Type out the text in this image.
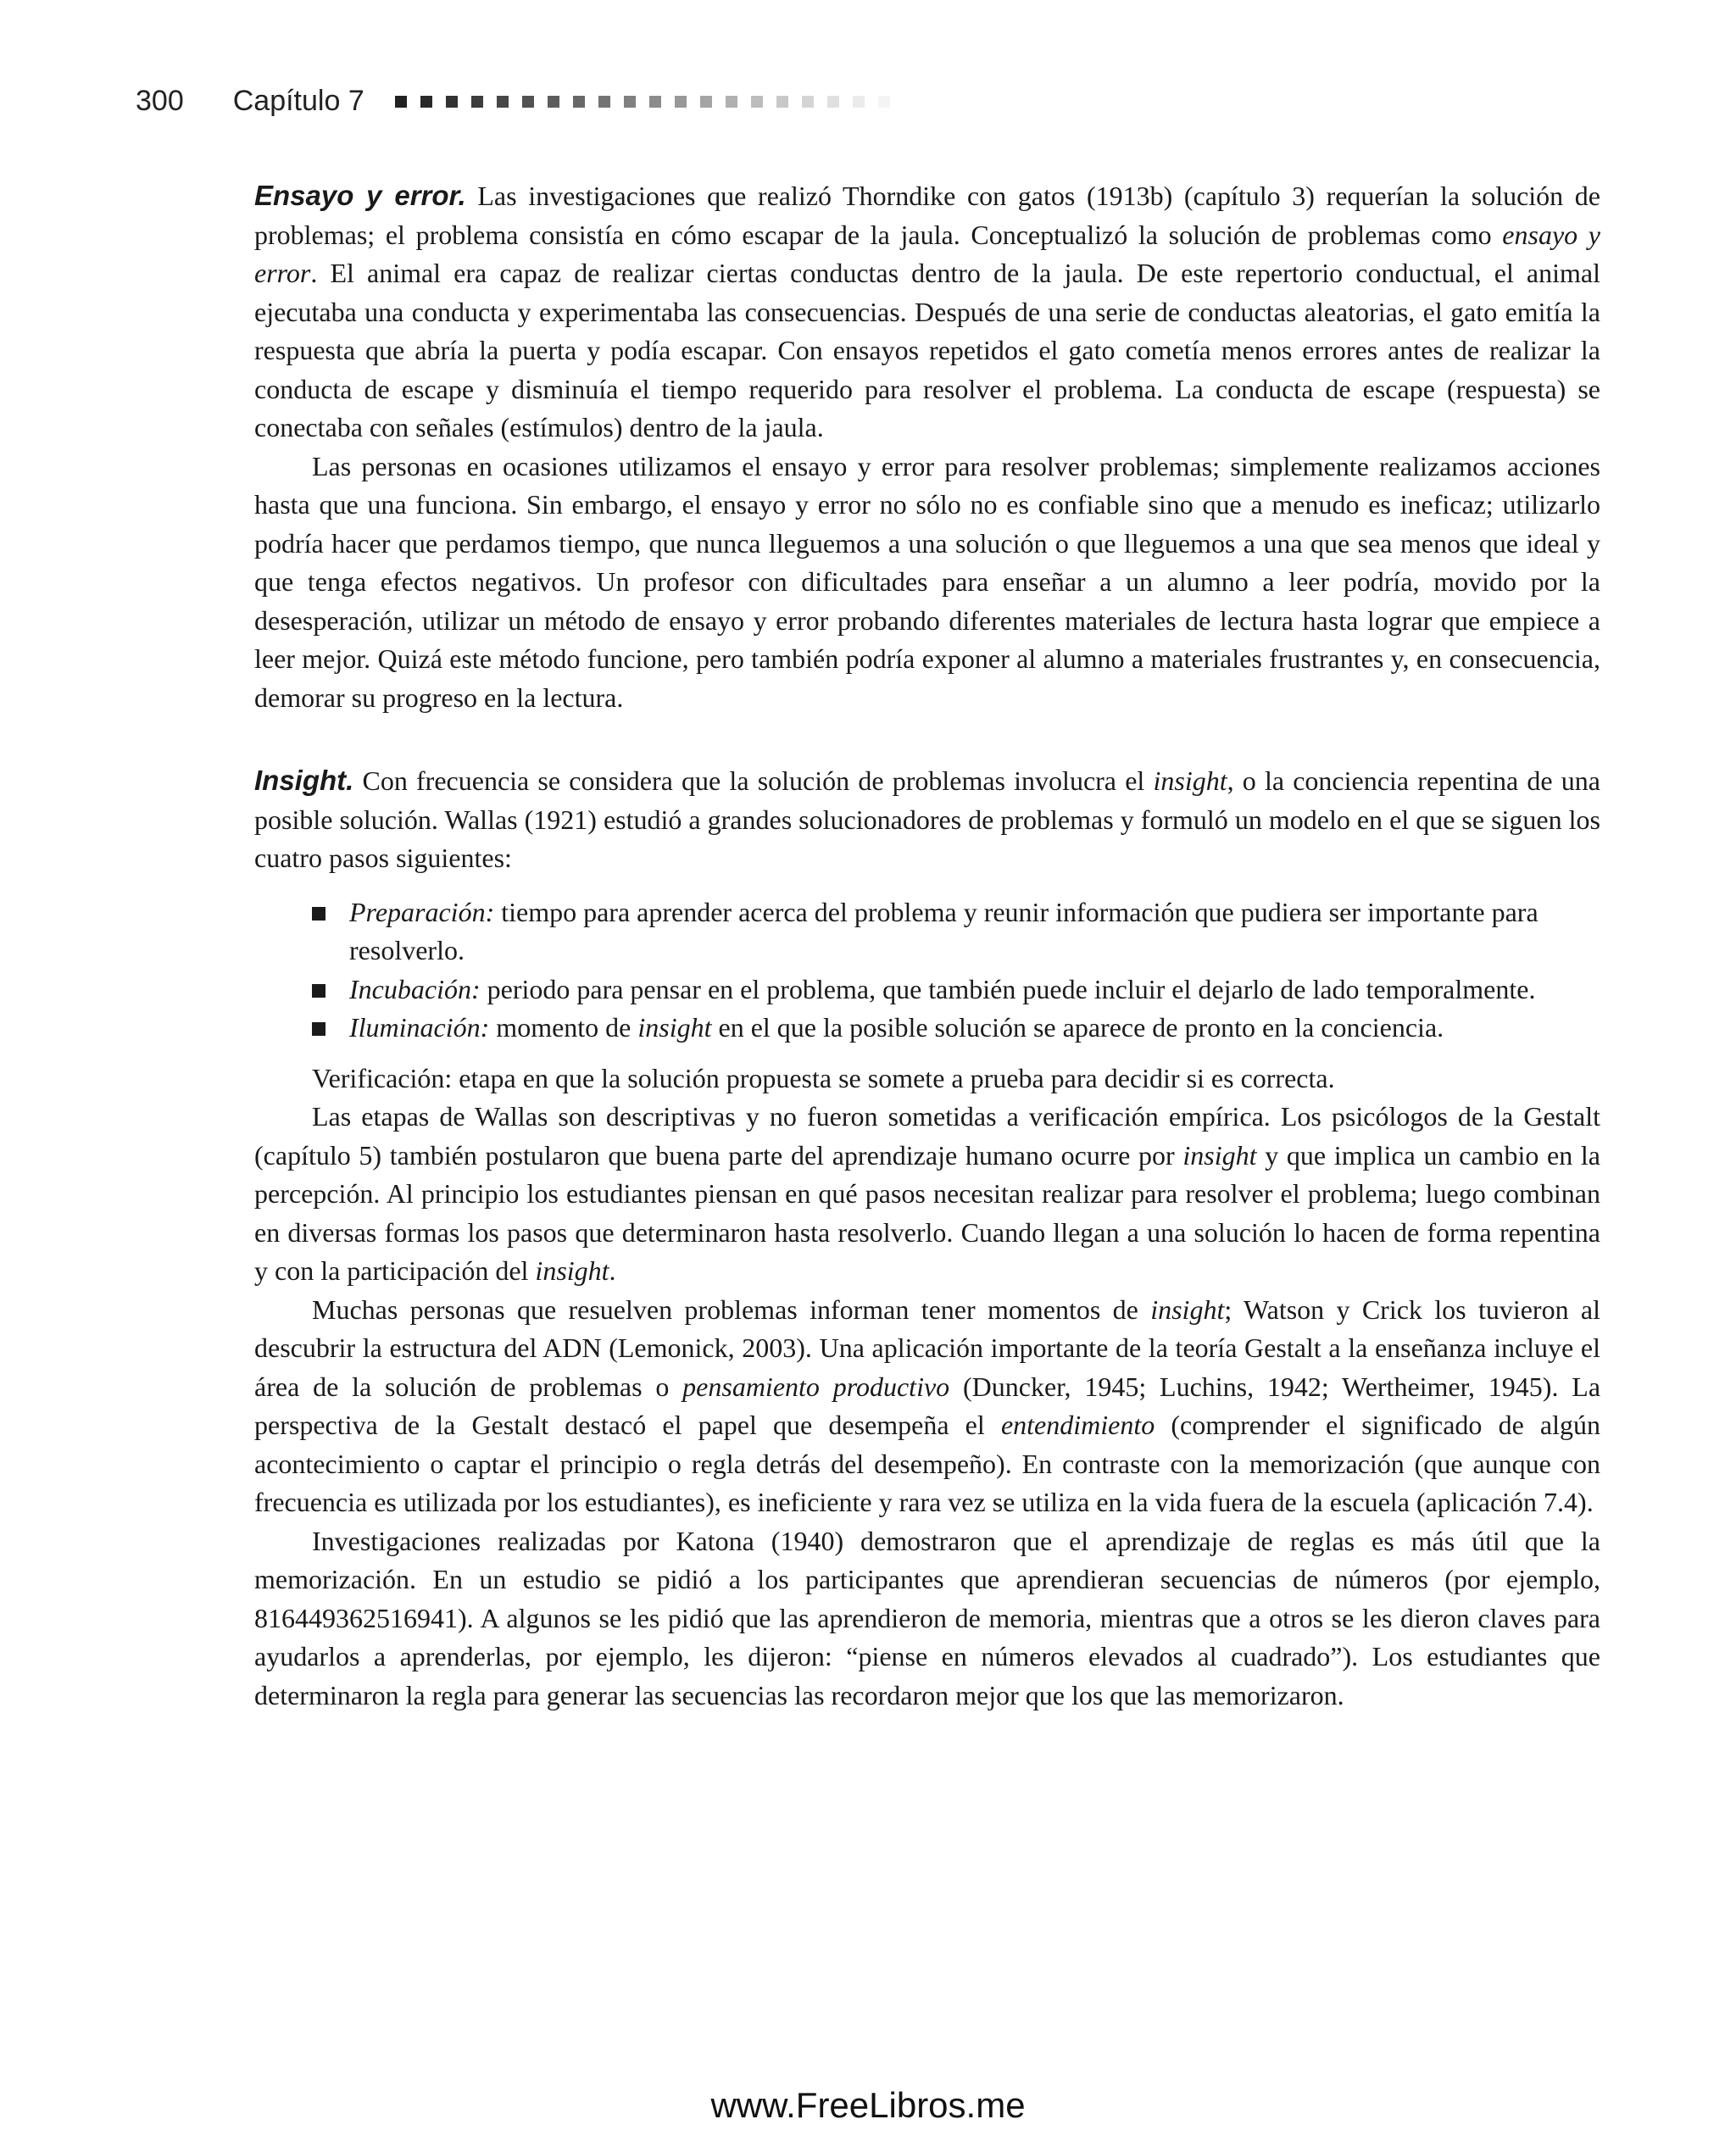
300 Capítulo 7

Ensayo y error. Las investigaciones que realizó Thorndike con gatos (1913b) (capítulo 3) requerían la solución de problemas; el problema consistía en cómo escapar de la jaula. Conceptualizó la solución de problemas como ensayo y error. El animal era capaz de realizar ciertas conductas dentro de la jaula. De este repertorio conductual, el animal ejecutaba una conducta y experimentaba las consecuencias. Después de una serie de conductas aleatorias, el gato emitía la respuesta que abría la puerta y podía escapar. Con ensayos repetidos el gato cometía menos errores antes de realizar la conducta de escape y disminuía el tiempo requerido para resolver el problema. La conducta de escape (respuesta) se conectaba con señales (estímulos) dentro de la jaula.

Las personas en ocasiones utilizamos el ensayo y error para resolver problemas; simplemente realizamos acciones hasta que una funciona. Sin embargo, el ensayo y error no sólo no es confiable sino que a menudo es ineficaz; utilizarlo podría hacer que perdamos tiempo, que nunca lleguemos a una solución o que lleguemos a una que sea menos que ideal y que tenga efectos negativos. Un profesor con dificultades para enseñar a un alumno a leer podría, movido por la desesperación, utilizar un método de ensayo y error probando diferentes materiales de lectura hasta lograr que empiece a leer mejor. Quizá este método funcione, pero también podría exponer al alumno a materiales frustrantes y, en consecuencia, demorar su progreso en la lectura.

Insight. Con frecuencia se considera que la solución de problemas involucra el insight, o la conciencia repentina de una posible solución. Wallas (1921) estudió a grandes solucionadores de problemas y formuló un modelo en el que se siguen los cuatro pasos siguientes:

Preparación: tiempo para aprender acerca del problema y reunir información que pudiera ser importante para resolverlo.
Incubación: periodo para pensar en el problema, que también puede incluir el dejarlo de lado temporalmente.
Iluminación: momento de insight en el que la posible solución se aparece de pronto en la conciencia.

Verificación: etapa en que la solución propuesta se somete a prueba para decidir si es correcta.

Las etapas de Wallas son descriptivas y no fueron sometidas a verificación empírica. Los psicólogos de la Gestalt (capítulo 5) también postularon que buena parte del aprendizaje humano ocurre por insight y que implica un cambio en la percepción. Al principio los estudiantes piensan en qué pasos necesitan realizar para resolver el problema; luego combinan en diversas formas los pasos que determinaron hasta resolverlo. Cuando llegan a una solución lo hacen de forma repentina y con la participación del insight.

Muchas personas que resuelven problemas informan tener momentos de insight; Watson y Crick los tuvieron al descubrir la estructura del ADN (Lemonick, 2003). Una aplicación importante de la teoría Gestalt a la enseñanza incluye el área de la solución de problemas o pensamiento productivo (Duncker, 1945; Luchins, 1942; Wertheimer, 1945). La perspectiva de la Gestalt destacó el papel que desempeña el entendimiento (comprender el significado de algún acontecimiento o captar el principio o regla detrás del desempeño). En contraste con la memorización (que aunque con frecuencia es utilizada por los estudiantes), es ineficiente y rara vez se utiliza en la vida fuera de la escuela (aplicación 7.4).

Investigaciones realizadas por Katona (1940) demostraron que el aprendizaje de reglas es más útil que la memorización. En un estudio se pidió a los participantes que aprendieran secuencias de números (por ejemplo, 816449362516941). A algunos se les pidió que las aprendieron de memoria, mientras que a otros se les dieron claves para ayudarlos a aprenderlas, por ejemplo, les dijeron: “piense en números elevados al cuadrado”). Los estudiantes que determinaron la regla para generar las secuencias las recordaron mejor que los que las memorizaron.

www.FreeLibros.me
